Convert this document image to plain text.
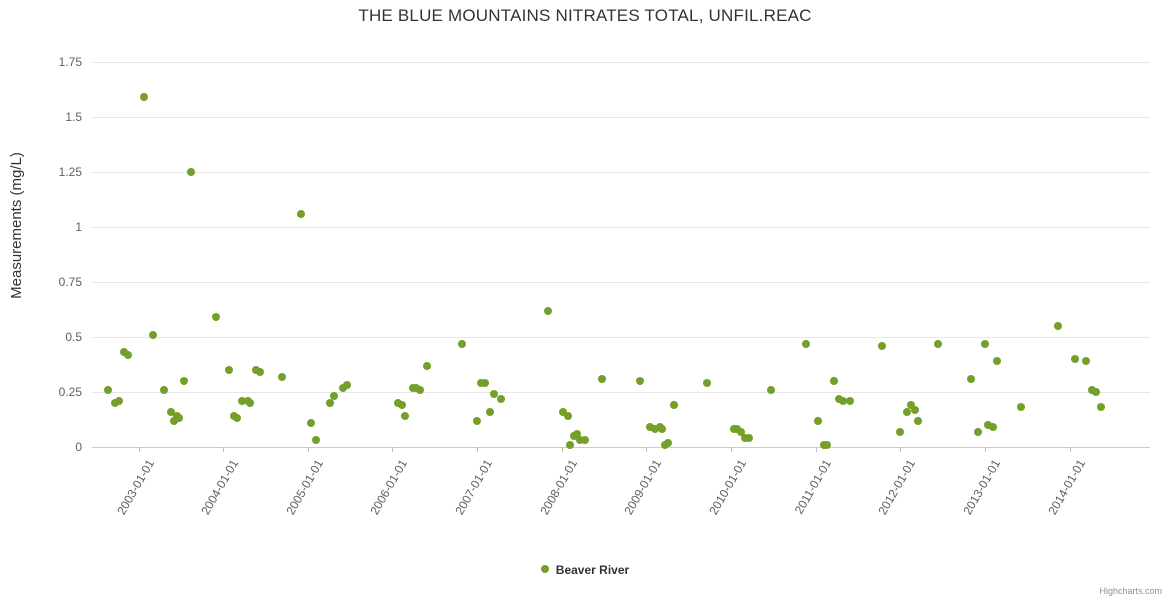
THE BLUE MOUNTAINS NITRATES TOTAL, UNFIL.REAC
Measurements (mg/L)
0
0.25
0.5
0.75
1
1.25
1.5
1.75
2003-01-01	2004-01-01	2005-01-01	2006-01-01	2007-01-01	2008-01-01	2009-01-01	2010-01-01	2011-01-01	2012-01-01	2013-01-01	2014-01-01
Beaver River
Highcharts.com
